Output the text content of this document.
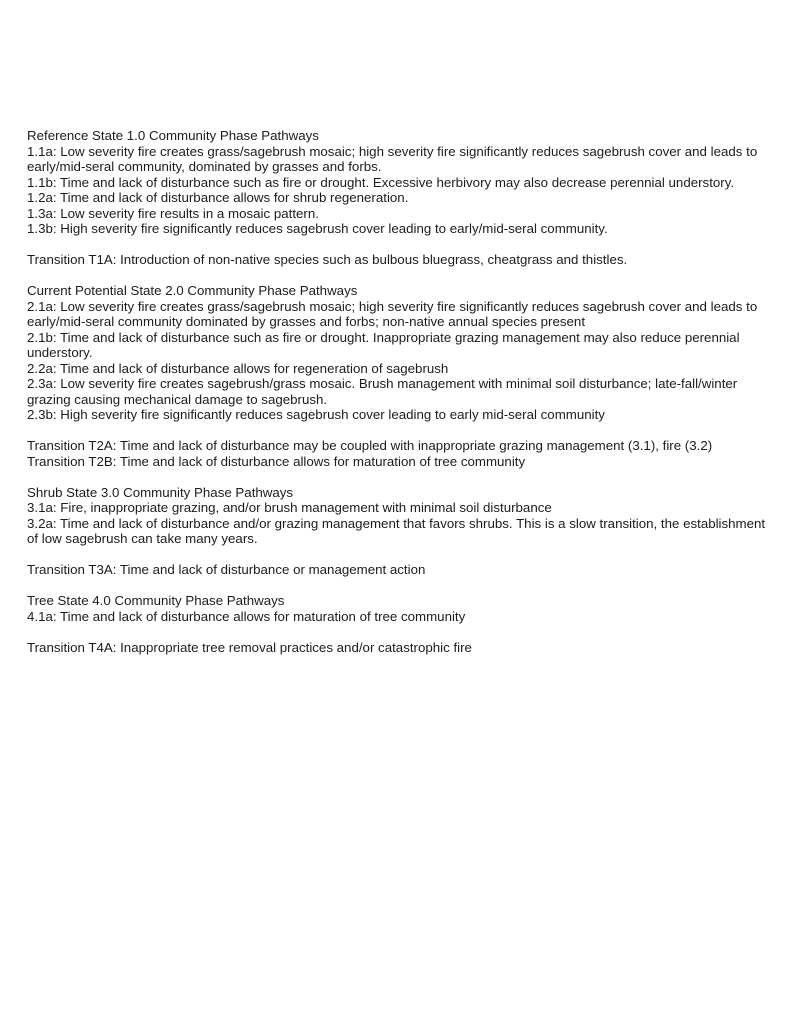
Reference State 1.0 Community Phase Pathways

1.1a: Low severity fire creates grass/sagebrush mosaic; high severity fire significantly reduces sagebrush cover and leads to early/mid-seral community, dominated by grasses and forbs.

1.1b: Time and lack of disturbance such as fire or drought. Excessive herbivory may also decrease perennial understory.

1.2a: Time and lack of disturbance allows for shrub regeneration.

1.3a: Low severity fire results in a mosaic pattern.

1.3b: High severity fire significantly reduces sagebrush cover leading to early/mid-seral community.

Transition T1A: Introduction of non-native species such as bulbous bluegrass, cheatgrass and thistles.

Current Potential State 2.0 Community Phase Pathways

2.1a: Low severity fire creates grass/sagebrush mosaic; high severity fire significantly reduces sagebrush cover and leads to early/mid-seral community dominated by grasses and forbs; non-native annual species present

2.1b: Time and lack of disturbance such as fire or drought. Inappropriate grazing management may also reduce perennial understory.

2.2a: Time and lack of disturbance allows for regeneration of sagebrush

2.3a: Low severity fire creates sagebrush/grass mosaic. Brush management with minimal soil disturbance; late-fall/winter grazing causing mechanical damage to sagebrush.

2.3b: High severity fire significantly reduces sagebrush cover leading to early mid-seral community

Transition T2A: Time and lack of disturbance may be coupled with inappropriate grazing management (3.1), fire (3.2)

Transition T2B: Time and lack of disturbance allows for maturation of tree community

Shrub State 3.0 Community Phase Pathways

3.1a: Fire, inappropriate grazing, and/or brush management with minimal soil disturbance

3.2a: Time and lack of disturbance and/or grazing management that favors shrubs. This is a slow transition, the establishment of low sagebrush can take many years.

Transition T3A: Time and lack of disturbance or management action

Tree State 4.0 Community Phase Pathways

4.1a: Time and lack of disturbance allows for maturation of tree community

Transition T4A: Inappropriate tree removal practices and/or catastrophic fire
